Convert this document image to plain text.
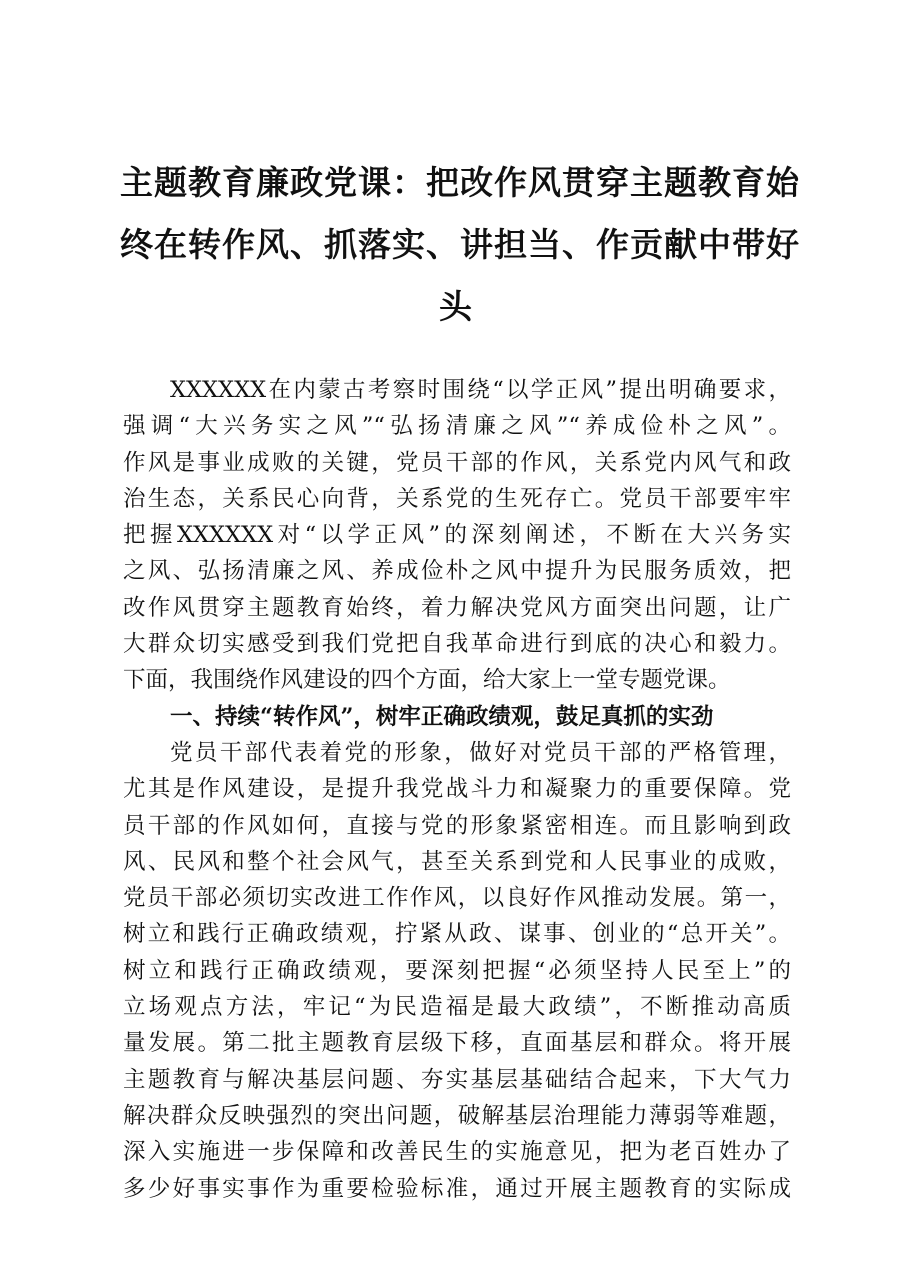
主题教育廉政党课：把改作风贯穿主题教育始
终在转作风、抓落实、讲担当、作贡献中带好
头
XXXXXX在内蒙古考察时围绕“以学正风”提出明确要求，
强调“大兴务实之风”“弘扬清廉之风”“养成俭朴之风”。
作风是事业成败的关键，党员干部的作风，关系党内风气和政
治生态，关系民心向背，关系党的生死存亡。党员干部要牢牢
把握XXXXXX对“以学正风”的深刻阐述，不断在大兴务实
之风、弘扬清廉之风、养成俭朴之风中提升为民服务质效，把
改作风贯穿主题教育始终，着力解决党风方面突出问题，让广
大群众切实感受到我们党把自我革命进行到底的决心和毅力。
下面，我围绕作风建设的四个方面，给大家上一堂专题党课。
一、持续“转作风”，树牢正确政绩观，鼓足真抓的实劲
党员干部代表着党的形象，做好对党员干部的严格管理，
尤其是作风建设，是提升我党战斗力和凝聚力的重要保障。党
员干部的作风如何，直接与党的形象紧密相连。而且影响到政
风、民风和整个社会风气，甚至关系到党和人民事业的成败，
党员干部必须切实改进工作作风，以良好作风推动发展。第一，
树立和践行正确政绩观，拧紧从政、谋事、创业的“总开关”。
树立和践行正确政绩观，要深刻把握“必须坚持人民至上”的
立场观点方法，牢记“为民造福是最大政绩”，不断推动高质
量发展。第二批主题教育层级下移，直面基层和群众。将开展
主题教育与解决基层问题、夯实基层基础结合起来，下大气力
解决群众反映强烈的突出问题，破解基层治理能力薄弱等难题，
深入实施进一步保障和改善民生的实施意见，把为老百姓办了
多少好事实事作为重要检验标准，通过开展主题教育的实际成
